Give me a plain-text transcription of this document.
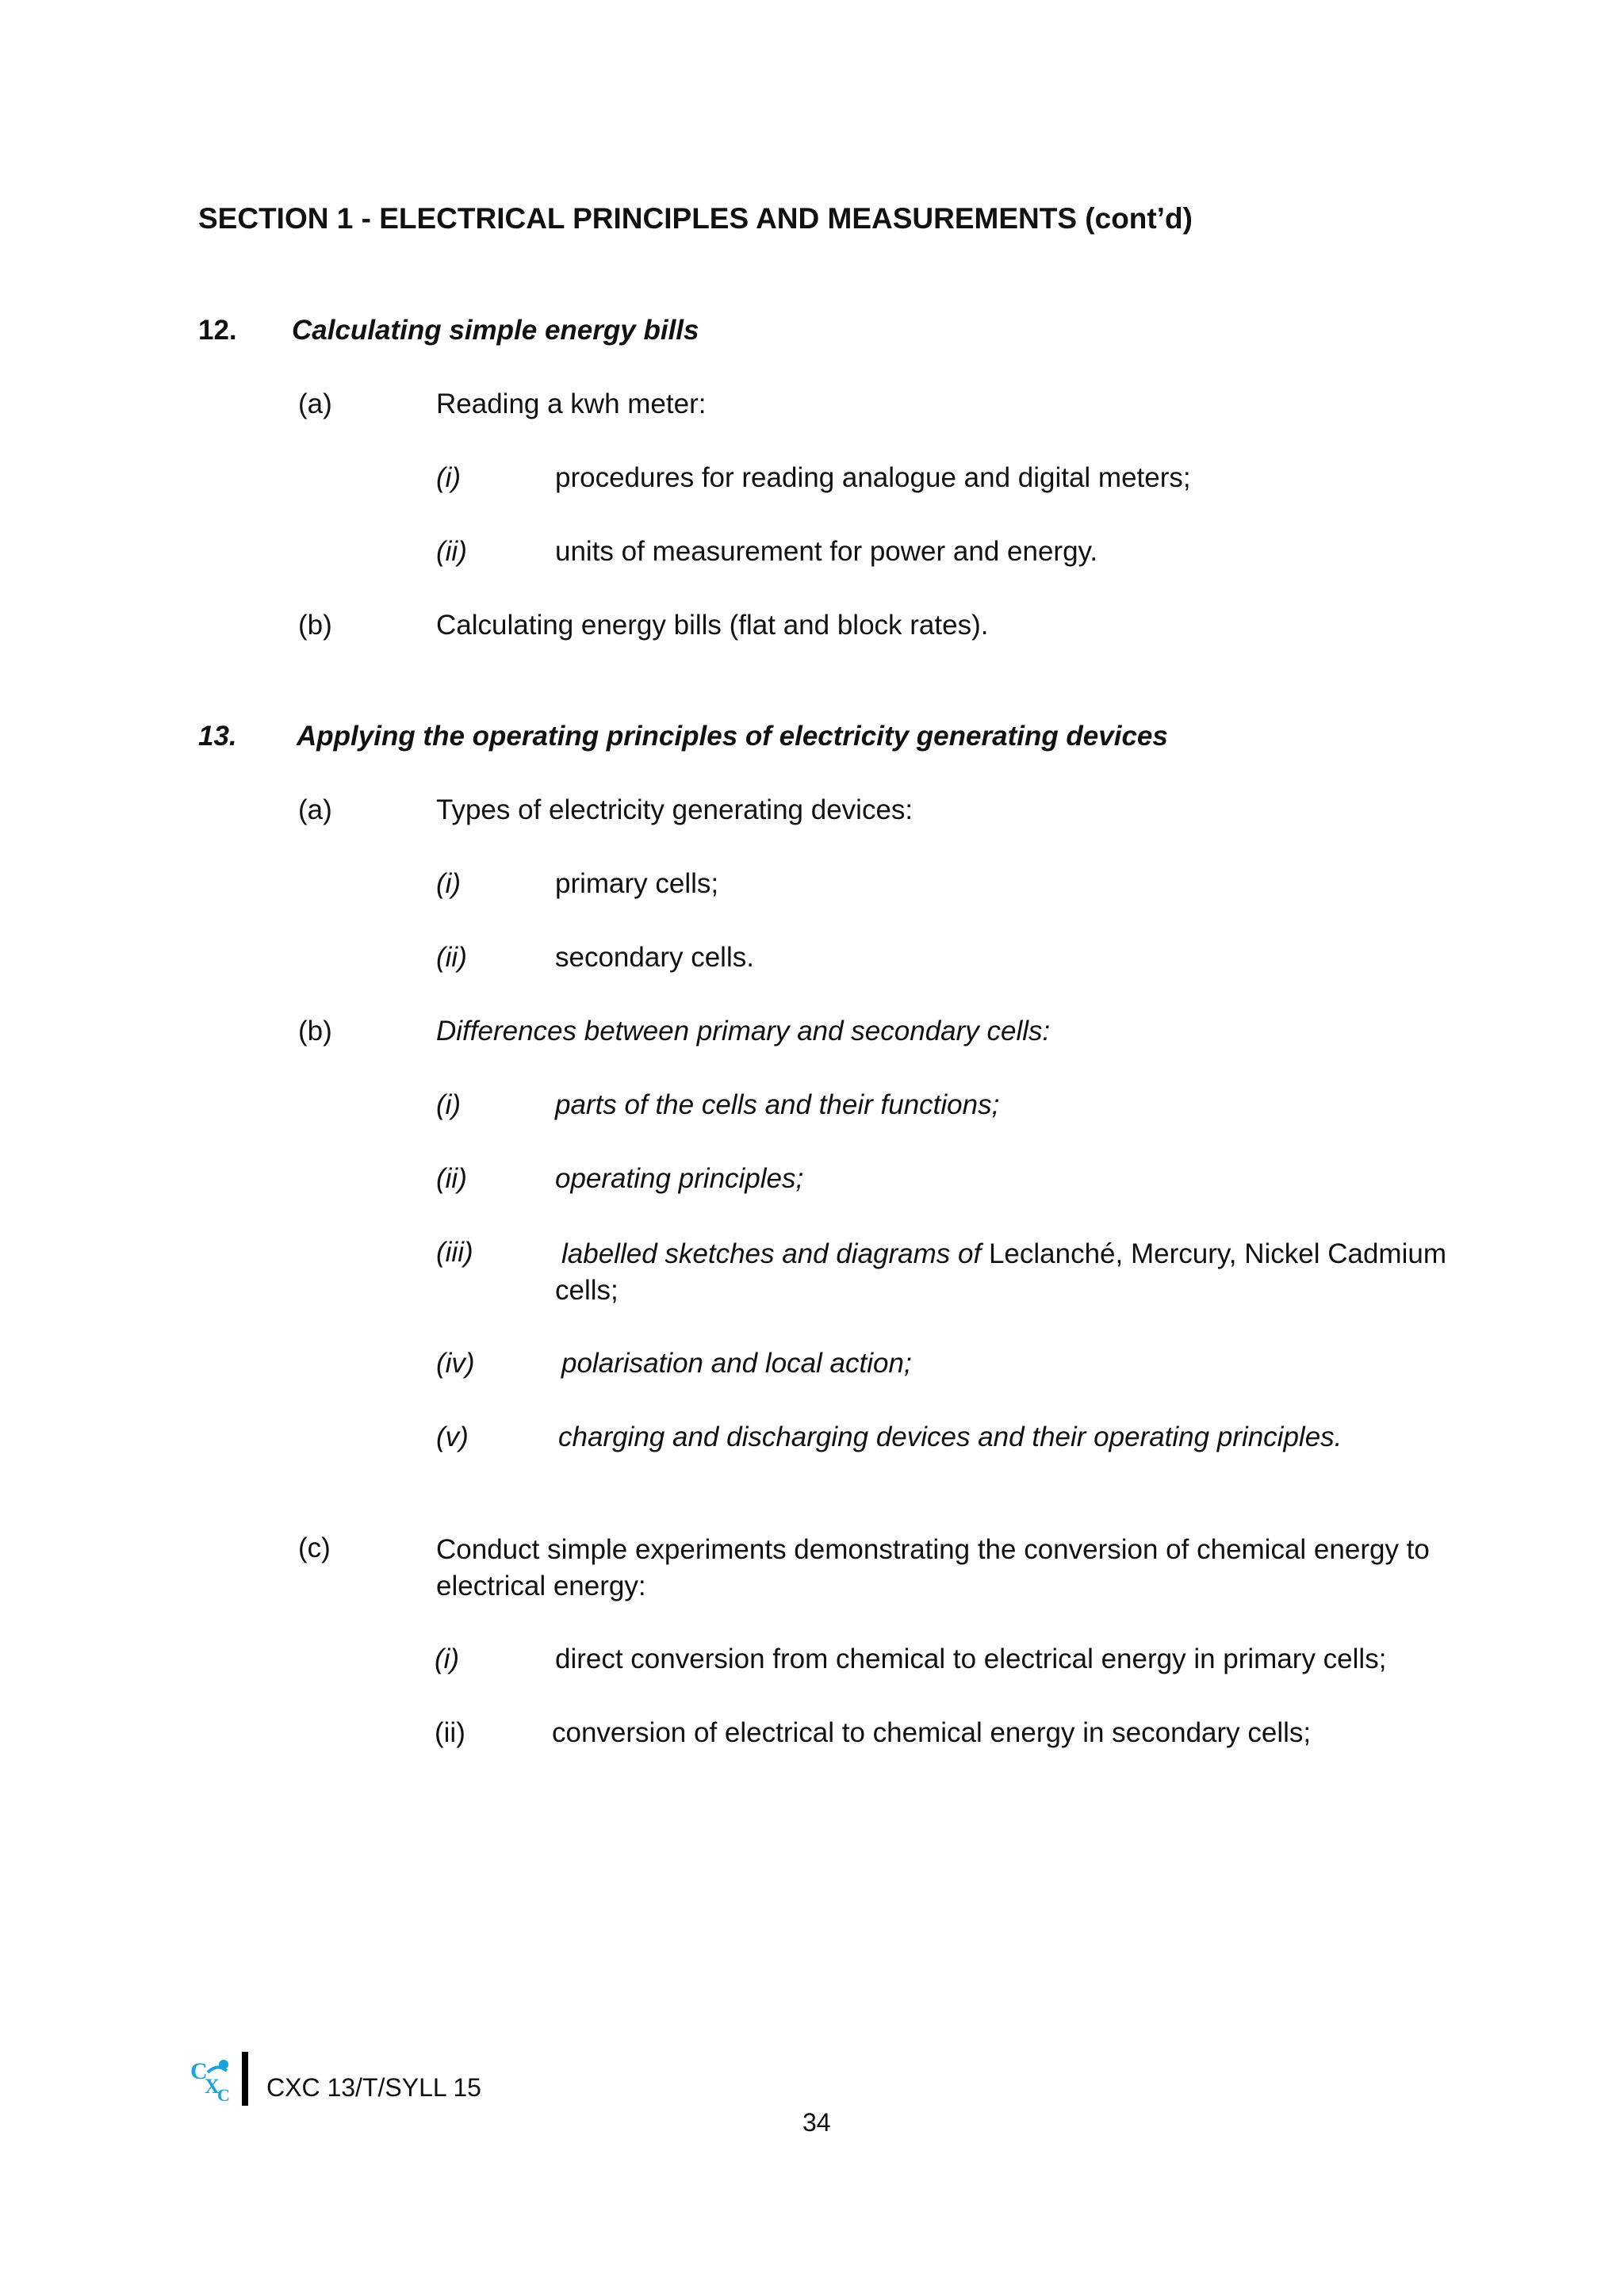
SECTION 1 - ELECTRICAL PRINCIPLES AND MEASUREMENTS (cont’d)
12. Calculating simple energy bills
(a)	Reading a kwh meter:
(i)	procedures for reading analogue and digital meters;
(ii)	units of measurement for power and energy.
(b)	Calculating energy bills (flat and block rates).
13. Applying the operating principles of electricity generating devices
(a)	Types of electricity generating devices:
(i)	primary cells;
(ii)	secondary cells.
(b)	Differences between primary and secondary cells:
(i)	parts of the cells and their functions;
(ii)	operating principles;
(iii)	labelled sketches and diagrams of Leclanché, Mercury, Nickel Cadmium cells;
(iv)	polarisation and local action;
(v)	charging and discharging devices and their operating principles.
(c)	Conduct simple experiments demonstrating the conversion of chemical energy to electrical energy:
(i)	direct conversion from chemical to electrical energy in primary cells;
(ii)	conversion of electrical to chemical energy in secondary cells;
C
X
C CXC 13/T/SYLL 15
34
